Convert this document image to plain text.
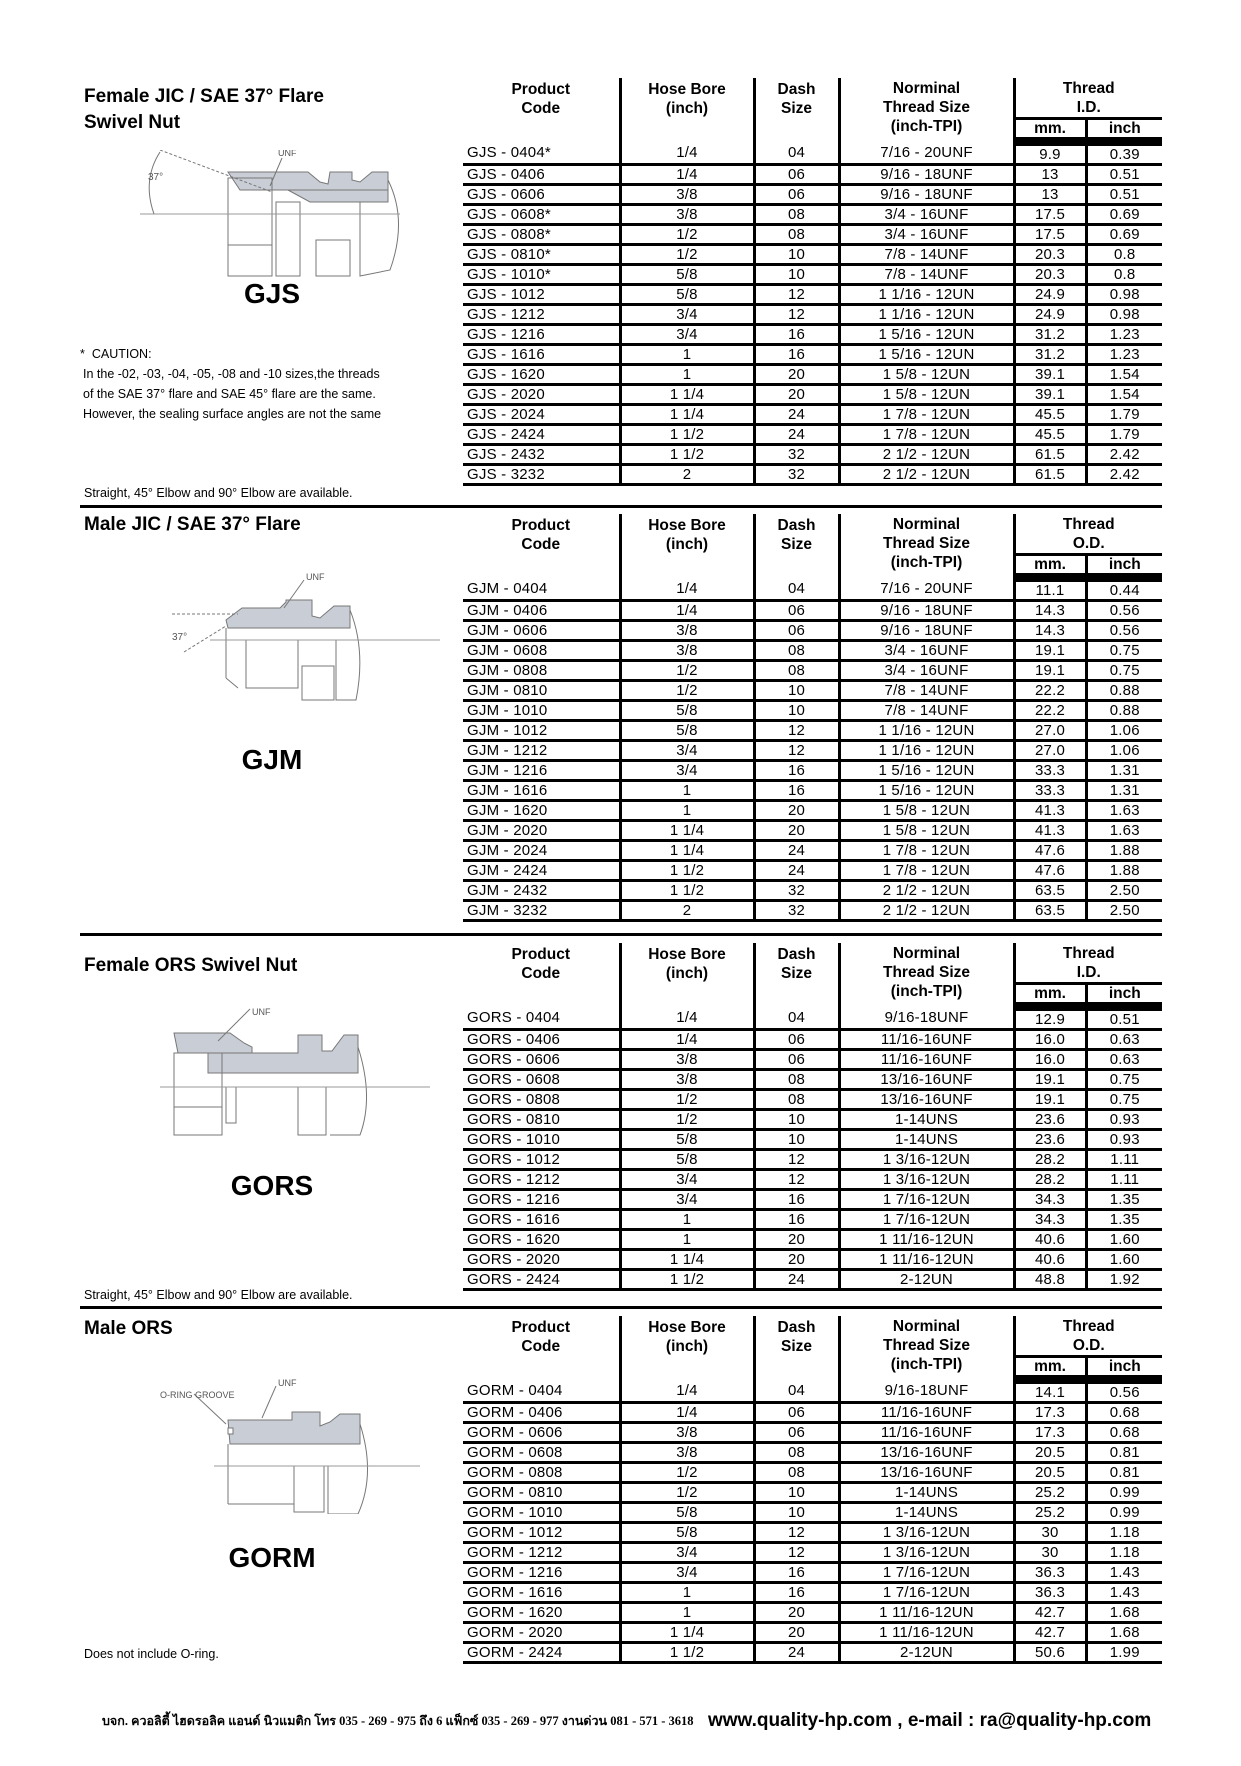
Female JIC / SAE 37° Flare
Swivel Nut
37°
UNF
GJS
* CAUTION:
In the -02, -03, -04, -05, -08 and -10 sizes,the threads
of the SAE 37° flare and SAE 45° flare are the same.
However, the sealing surface angles are not the same
Straight, 45° Elbow and 90° Elbow are available.
Product
Code

Hose Bore
(inch)

Dash
Size

Norminal
Thread Size
(inch-TPI)

Thread
I.D.

				mm.	inch
GJS - 0404*	1/4	04	7/16 - 20UNF	9.9	0.39
GJS - 0406	1/4	06	9/16 - 18UNF	13	0.51
GJS - 0606	3/8	06	9/16 - 18UNF	13	0.51
GJS - 0608*	3/8	08	3/4 - 16UNF	17.5	0.69
GJS - 0808*	1/2	08	3/4 - 16UNF	17.5	0.69
GJS - 0810*	1/2	10	7/8 - 14UNF	20.3	0.8
GJS - 1010*	5/8	10	7/8 - 14UNF	20.3	0.8
GJS - 1012	5/8	12	1 1/16 - 12UN	24.9	0.98
GJS - 1212	3/4	12	1 1/16 - 12UN	24.9	0.98
GJS - 1216	3/4	16	1 5/16 - 12UN	31.2	1.23
GJS - 1616	1	16	1 5/16 - 12UN	31.2	1.23
GJS - 1620	1	20	1 5/8 - 12UN	39.1	1.54
GJS - 2020	1 1/4	20	1 5/8 - 12UN	39.1	1.54
GJS - 2024	1 1/4	24	1 7/8 - 12UN	45.5	1.79
GJS - 2424	1 1/2	24	1 7/8 - 12UN	45.5	1.79
GJS - 2432	1 1/2	32	2 1/2 - 12UN	61.5	2.42
GJS - 3232	2	32	2 1/2 - 12UN	61.5	2.42
Male JIC / SAE 37° Flare
37°
UNF
GJM
Product
Code

Hose Bore
(inch)

Dash
Size

Norminal
Thread Size
(inch-TPI)

Thread
O.D.

				mm.	inch
GJM - 0404	1/4	04	7/16 - 20UNF	11.1	0.44
GJM - 0406	1/4	06	9/16 - 18UNF	14.3	0.56
GJM - 0606	3/8	06	9/16 - 18UNF	14.3	0.56
GJM - 0608	3/8	08	3/4 - 16UNF	19.1	0.75
GJM - 0808	1/2	08	3/4 - 16UNF	19.1	0.75
GJM - 0810	1/2	10	7/8 - 14UNF	22.2	0.88
GJM - 1010	5/8	10	7/8 - 14UNF	22.2	0.88
GJM - 1012	5/8	12	1 1/16 - 12UN	27.0	1.06
GJM - 1212	3/4	12	1 1/16 - 12UN	27.0	1.06
GJM - 1216	3/4	16	1 5/16 - 12UN	33.3	1.31
GJM - 1616	1	16	1 5/16 - 12UN	33.3	1.31
GJM - 1620	1	20	1 5/8 - 12UN	41.3	1.63
GJM - 2020	1 1/4	20	1 5/8 - 12UN	41.3	1.63
GJM - 2024	1 1/4	24	1 7/8 - 12UN	47.6	1.88
GJM - 2424	1 1/2	24	1 7/8 - 12UN	47.6	1.88
GJM - 2432	1 1/2	32	2 1/2 - 12UN	63.5	2.50
GJM - 3232	2	32	2 1/2 - 12UN	63.5	2.50
Female ORS Swivel Nut
UNF
GORS
Straight, 45° Elbow and 90° Elbow are available.
Product
Code

Hose Bore
(inch)

Dash
Size

Norminal
Thread Size
(inch-TPI)

Thread
I.D.

				mm.	inch
GORS - 0404	1/4	04	9/16-18UNF	12.9	0.51
GORS - 0406	1/4	06	11/16-16UNF	16.0	0.63
GORS - 0606	3/8	06	11/16-16UNF	16.0	0.63
GORS - 0608	3/8	08	13/16-16UNF	19.1	0.75
GORS - 0808	1/2	08	13/16-16UNF	19.1	0.75
GORS - 0810	1/2	10	1-14UNS	23.6	0.93
GORS - 1010	5/8	10	1-14UNS	23.6	0.93
GORS - 1012	5/8	12	1 3/16-12UN	28.2	1.11
GORS - 1212	3/4	12	1 3/16-12UN	28.2	1.11
GORS - 1216	3/4	16	1 7/16-12UN	34.3	1.35
GORS - 1616	1	16	1 7/16-12UN	34.3	1.35
GORS - 1620	1	20	1 11/16-12UN	40.6	1.60
GORS - 2020	1 1/4	20	1 11/16-12UN	40.6	1.60
GORS - 2424	1 1/2	24	2-12UN	48.8	1.92
Male ORS
O-RING GROOVE
UNF
GORM
Does not include O-ring.
Product
Code

Hose Bore
(inch)

Dash
Size

Norminal
Thread Size
(inch-TPI)

Thread
O.D.

				mm.	inch
GORM - 0404	1/4	04	9/16-18UNF	14.1	0.56
GORM - 0406	1/4	06	11/16-16UNF	17.3	0.68
GORM - 0606	3/8	06	11/16-16UNF	17.3	0.68
GORM - 0608	3/8	08	13/16-16UNF	20.5	0.81
GORM - 0808	1/2	08	13/16-16UNF	20.5	0.81
GORM - 0810	1/2	10	1-14UNS	25.2	0.99
GORM - 1010	5/8	10	1-14UNS	25.2	0.99
GORM - 1012	5/8	12	1 3/16-12UN	30	1.18
GORM - 1212	3/4	12	1 3/16-12UN	30	1.18
GORM - 1216	3/4	16	1 7/16-12UN	36.3	1.43
GORM - 1616	1	16	1 7/16-12UN	36.3	1.43
GORM - 1620	1	20	1 11/16-12UN	42.7	1.68
GORM - 2020	1 1/4	20	1 11/16-12UN	42.7	1.68
GORM - 2424	1 1/2	24	2-12UN	50.6	1.99
บจก. ควอลิตี้ ไฮดรอลิค แอนด์ นิวแมติก โทร 035 - 269 - 975 ถึง 6 แฟ็กซ์ 035 - 269 - 977 งานด่วน 081 - 571 - 3618 www.quality-hp.com , e-mail : ra@quality-hp.com
